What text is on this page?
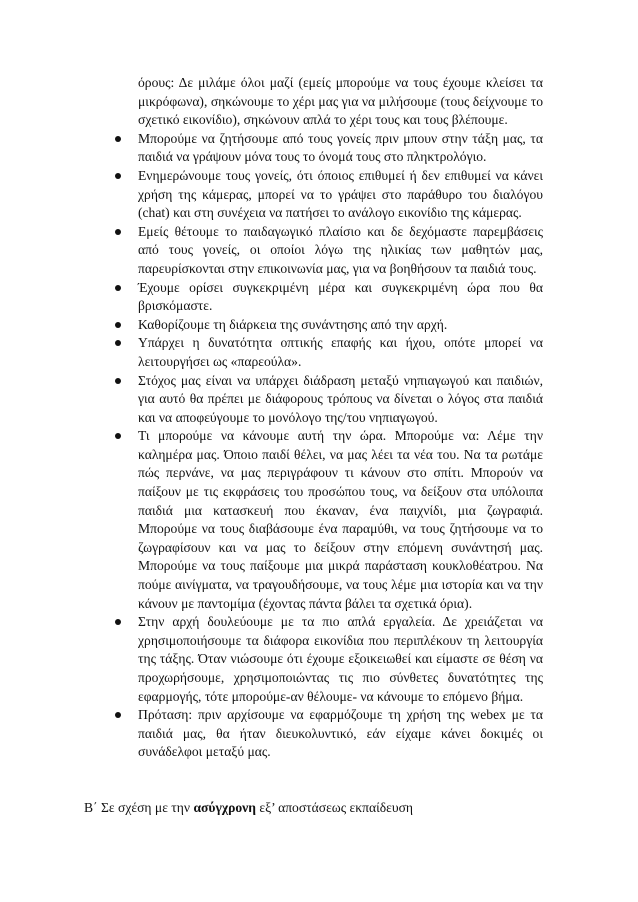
όρους: Δε μιλάμε όλοι μαζί (εμείς μπορούμε να τους έχουμε κλείσει τα μικρόφωνα), σηκώνουμε το χέρι μας για να μιλήσουμε (τους δείχνουμε το σχετικό εικονίδιο), σηκώνουν απλά το χέρι τους και τους βλέπουμε.

Μπορούμε να ζητήσουμε από τους γονείς πριν μπουν στην τάξη μας, τα παιδιά να γράψουν μόνα τους το όνομά τους στο πληκτρολόγιο.
Ενημερώνουμε τους γονείς, ότι όποιος επιθυμεί ή δεν επιθυμεί να κάνει χρήση της κάμερας, μπορεί να το γράψει στο παράθυρο του διαλόγου (chat) και στη συνέχεια να πατήσει το ανάλογο εικονίδιο της κάμερας.
Εμείς θέτουμε το παιδαγωγικό πλαίσιο και δε δεχόμαστε παρεμβάσεις από τους γονείς, οι οποίοι λόγω της ηλικίας των μαθητών μας, παρευρίσκονται στην επικοινωνία μας, για να βοηθήσουν τα παιδιά τους.
Έχουμε ορίσει συγκεκριμένη μέρα και συγκεκριμένη ώρα που θα βρισκόμαστε.
Καθορίζουμε τη διάρκεια της συνάντησης από την αρχή.
Υπάρχει η δυνατότητα οπτικής επαφής και ήχου, οπότε μπορεί να λειτουργήσει ως «παρεούλα».
Στόχος μας είναι να υπάρχει διάδραση μεταξύ νηπιαγωγού και παιδιών, για αυτό θα πρέπει με διάφορους τρόπους να δίνεται ο λόγος στα παιδιά και να αποφεύγουμε το μονόλογο της/του νηπιαγωγού.
Τι μπορούμε να κάνουμε αυτή την ώρα. Μπορούμε να: Λέμε την καλημέρα μας. Όποιο παιδί θέλει, να μας λέει τα νέα του. Να τα ρωτάμε πώς περνάνε, να μας περιγράφουν τι κάνουν στο σπίτι. Μπορούν να παίξουν με τις εκφράσεις του προσώπου τους, να δείξουν στα υπόλοιπα παιδιά μια κατασκευή που έκαναν, ένα παιχνίδι, μια ζωγραφιά. Μπορούμε να τους διαβάσουμε ένα παραμύθι, να τους ζητήσουμε να το ζωγραφίσουν και να μας το δείξουν στην επόμενη συνάντησή μας. Μπορούμε να τους παίξουμε μια μικρά παράσταση κουκλοθέατρου. Να πούμε αινίγματα, να τραγουδήσουμε, να τους λέμε μια ιστορία και να την κάνουν με παντομίμα (έχοντας πάντα βάλει τα σχετικά όρια).
Στην αρχή δουλεύουμε με τα πιο απλά εργαλεία. Δε χρειάζεται να χρησιμοποιήσουμε τα διάφορα εικονίδια που περιπλέκουν τη λειτουργία της τάξης. Όταν νιώσουμε ότι έχουμε εξοικειωθεί και είμαστε σε θέση να προχωρήσουμε, χρησιμοποιώντας τις πιο σύνθετες δυνατότητες της εφαρμογής, τότε μπορούμε-αν θέλουμε- να κάνουμε το επόμενο βήμα.
Πρόταση: πριν αρχίσουμε να εφαρμόζουμε τη χρήση της webex με τα παιδιά μας, θα ήταν διευκολυντικό, εάν είχαμε κάνει δοκιμές οι συνάδελφοι μεταξύ μας.

Β΄ Σε σχέση με την ασύγχρονη εξ’ αποστάσεως εκπαίδευση
